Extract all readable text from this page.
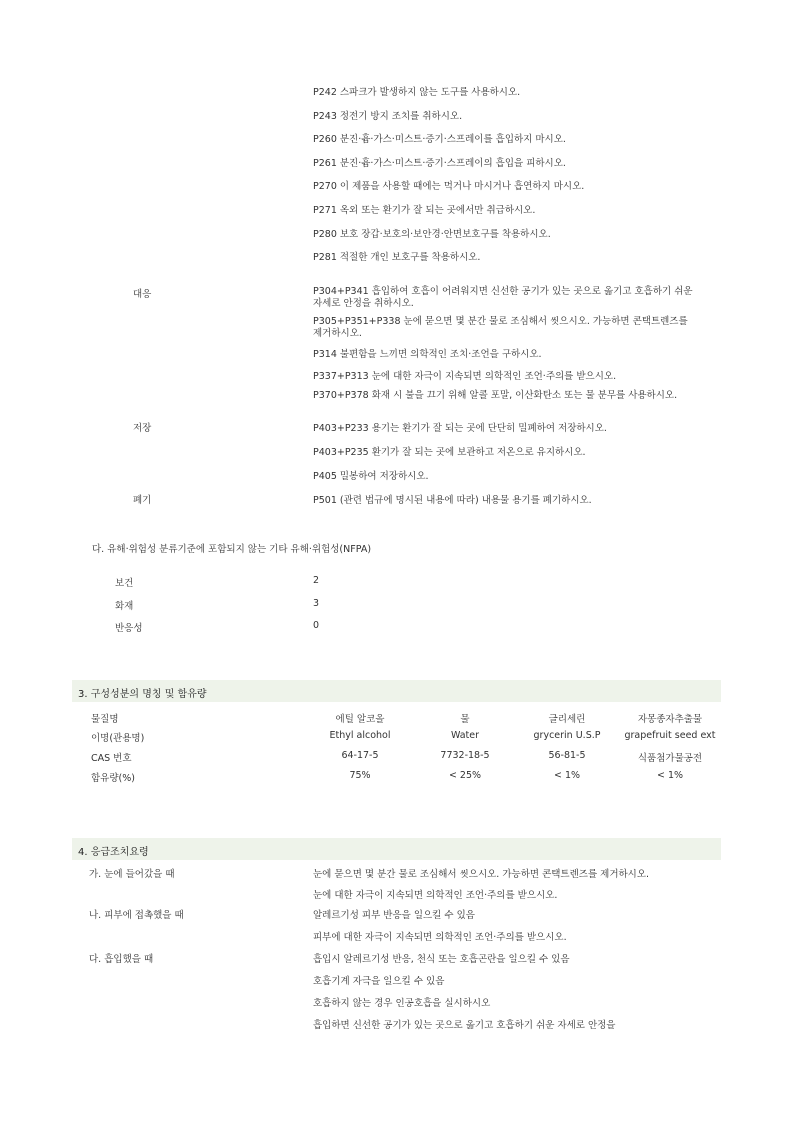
P242 스파크가 발생하지 않는 도구를 사용하시오.
P243 정전기 방지 조치를 취하시오.
P260 분진·흄·가스·미스트·증기·스프레이를 흡입하지 마시오.
P261 분진·흄·가스·미스트·증기·스프레이의 흡입을 피하시오.
P270 이 제품을 사용할 때에는 먹거나 마시거나 흡연하지 마시오.
P271 옥외 또는 환기가 잘 되는 곳에서만 취급하시오.
P280 보호 장갑·보호의·보안경·안면보호구를 착용하시오.
P281 적절한 개인 보호구를 착용하시오.
대응	P304+P341 흡입하여 호흡이 어려워지면 신선한 공기가 있는 곳으로 옮기고 호흡하기 쉬운 자세로 안정을 취하시오.
P305+P351+P338 눈에 묻으면 몇 분간 물로 조심해서 씻으시오. 가능하면 콘택트렌즈를 제거하시오.
P314 불편함을 느끼면 의학적인 조치·조언을 구하시오.
P337+P313 눈에 대한 자극이 지속되면 의학적인 조언·주의를 받으시오.
P370+P378 화재 시 불을 끄기 위해 알콜 포말, 이산화탄소 또는 물 분무를 사용하시오.
저장	P403+P233 용기는 환기가 잘 되는 곳에 단단히 밀폐하여 저장하시오.
P403+P235 환기가 잘 되는 곳에 보관하고 저온으로 유지하시오.
P405 밀봉하여 저장하시오.
폐기	P501 (관련 법규에 명시된 내용에 따라) 내용물 용기를 폐기하시오.
다. 유해·위험성 분류기준에 포함되지 않는 기타 유해·위험성(NFPA)
보건	2
화재	3
반응성	0
3. 구성성분의 명칭 및 함유량
물질명	에틸 알코올	물	글리세린	자몽종자추출물
이명(관용명)	Ethyl alcohol	Water	grycerin U.S.P	grapefruit seed ext
CAS 번호	64-17-5	7732-18-5	56-81-5	식품첨가물공전
함유량(%)	75%	< 25%	< 1%	< 1%
4. 응급조치요령
가. 눈에 들어갔을 때	눈에 묻으면 몇 분간 물로 조심해서 씻으시오. 가능하면 콘택트렌즈를 제거하시오.
눈에 대한 자극이 지속되면 의학적인 조언·주의를 받으시오.
나. 피부에 접촉했을 때	알레르기성 피부 반응을 일으킬 수 있음
피부에 대한 자극이 지속되면 의학적인 조언·주의를 받으시오.
다. 흡입했을 때	흡입시 알레르기성 반응, 천식 또는 호흡곤란을 일으킬 수 있음
호흡기계 자극을 일으킬 수 있음
호흡하지 않는 경우 인공호흡을 실시하시오
흡입하면 신선한 공기가 있는 곳으로 옮기고 호흡하기 쉬운 자세로 안정을
